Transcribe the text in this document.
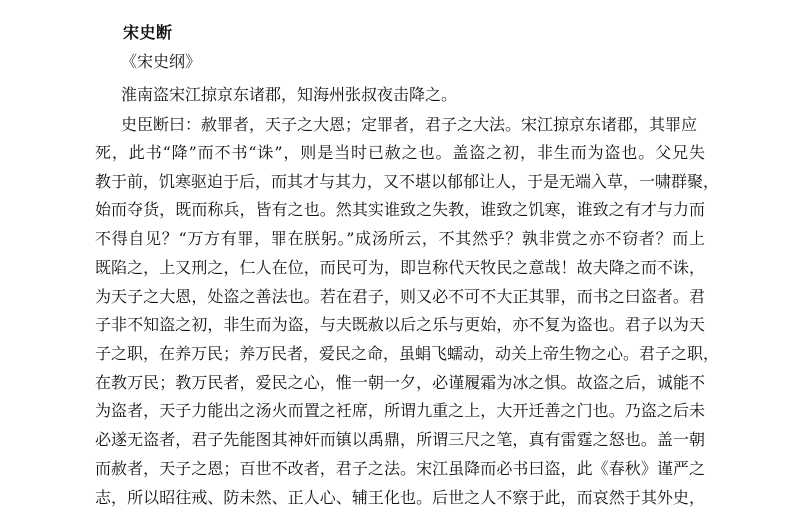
宋史断
《宋史纲》
淮南盗宋江掠京东诸郡，知海州张叔夜击降之。
史臣断曰：赦罪者，天子之大恩；定罪者，君子之大法。宋江掠京东诸郡，其罪应
死，此书“降”而不书“诛”，则是当时已赦之也。盖盗之初，非生而为盗也。父兄失
教于前，饥寒驱迫于后，而其才与其力，又不堪以郁郁让人，于是无端入草，一啸群聚，
始而夺货，既而称兵，皆有之也。然其实谁致之失教，谁致之饥寒，谁致之有才与力而
不得自见？“万方有罪，罪在朕躬。”成汤所云，不其然乎？孰非赏之亦不窃者？而上
既陷之，上又刑之，仁人在位，而民可为，即岂称代天牧民之意哉！故夫降之而不诛，
为天子之大恩，处盗之善法也。若在君子，则又必不可不大正其罪，而书之曰盗者。君
子非不知盗之初，非生而为盗，与夫既赦以后之乐与更始，亦不复为盗也。君子以为天
子之职，在养万民；养万民者，爱民之命，虽蜎飞蠕动，动关上帝生物之心。君子之职，
在教万民；教万民者，爱民之心，惟一朝一夕，必谨履霜为冰之惧。故盗之后，诚能不
为盗者，天子力能出之汤火而置之衽席，所谓九重之上，大开迁善之门也。乃盗之后未
必遂无盗者，君子先能图其神奸而镇以禹鼎，所谓三尺之笔，真有雷霆之怒也。盖一朝
而赦者，天子之恩；百世不改者，君子之法。宋江虽降而必书曰盗，此《春秋》谨严之
志，所以昭往戒、防未然、正人心、辅王化也。后世之人不察于此，而哀然于其外史，
